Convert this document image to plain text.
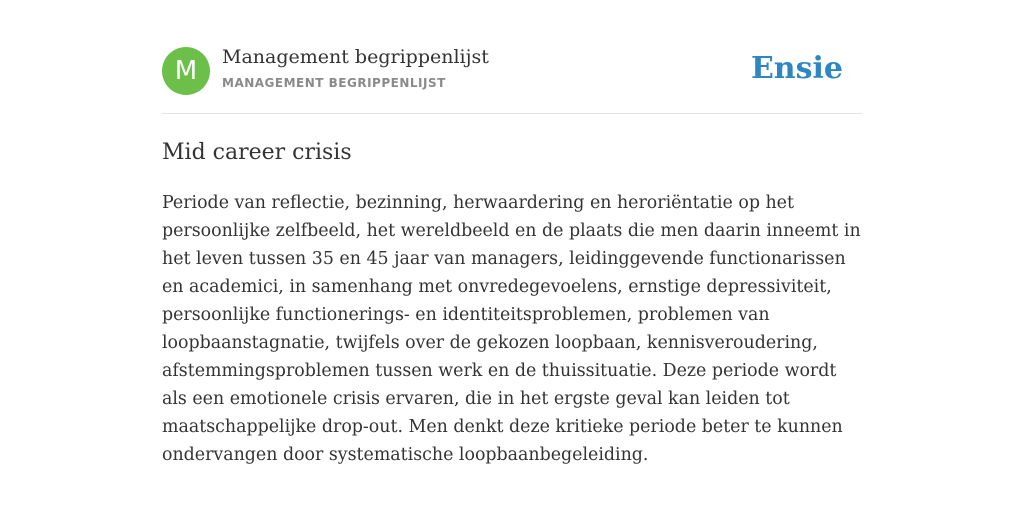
M	Management begrippenlijst
MANAGEMENT BEGRIPPENLIJST	Ensie
Mid career crisis

Periode van reflectie, bezinning, herwaardering en heroriëntatie op het persoonlijke zelfbeeld, het wereldbeeld en de plaats die men daarin inneemt in het leven tussen 35 en 45 jaar van managers, leidinggevende functionarissen en academici, in samenhang met onvredegevoelens, ernstige depressiviteit, persoonlijke functionerings- en identiteitsproblemen, problemen van loopbaanstagnatie, twijfels over de gekozen loopbaan, kennisveroudering, afstemmingsproblemen tussen werk en de thuissituatie. Deze periode wordt als een emotionele crisis ervaren, die in het ergste geval kan leiden tot maatschappelijke drop-out. Men denkt deze kritieke periode beter te kunnen ondervangen door systematische loopbaanbegeleiding.
